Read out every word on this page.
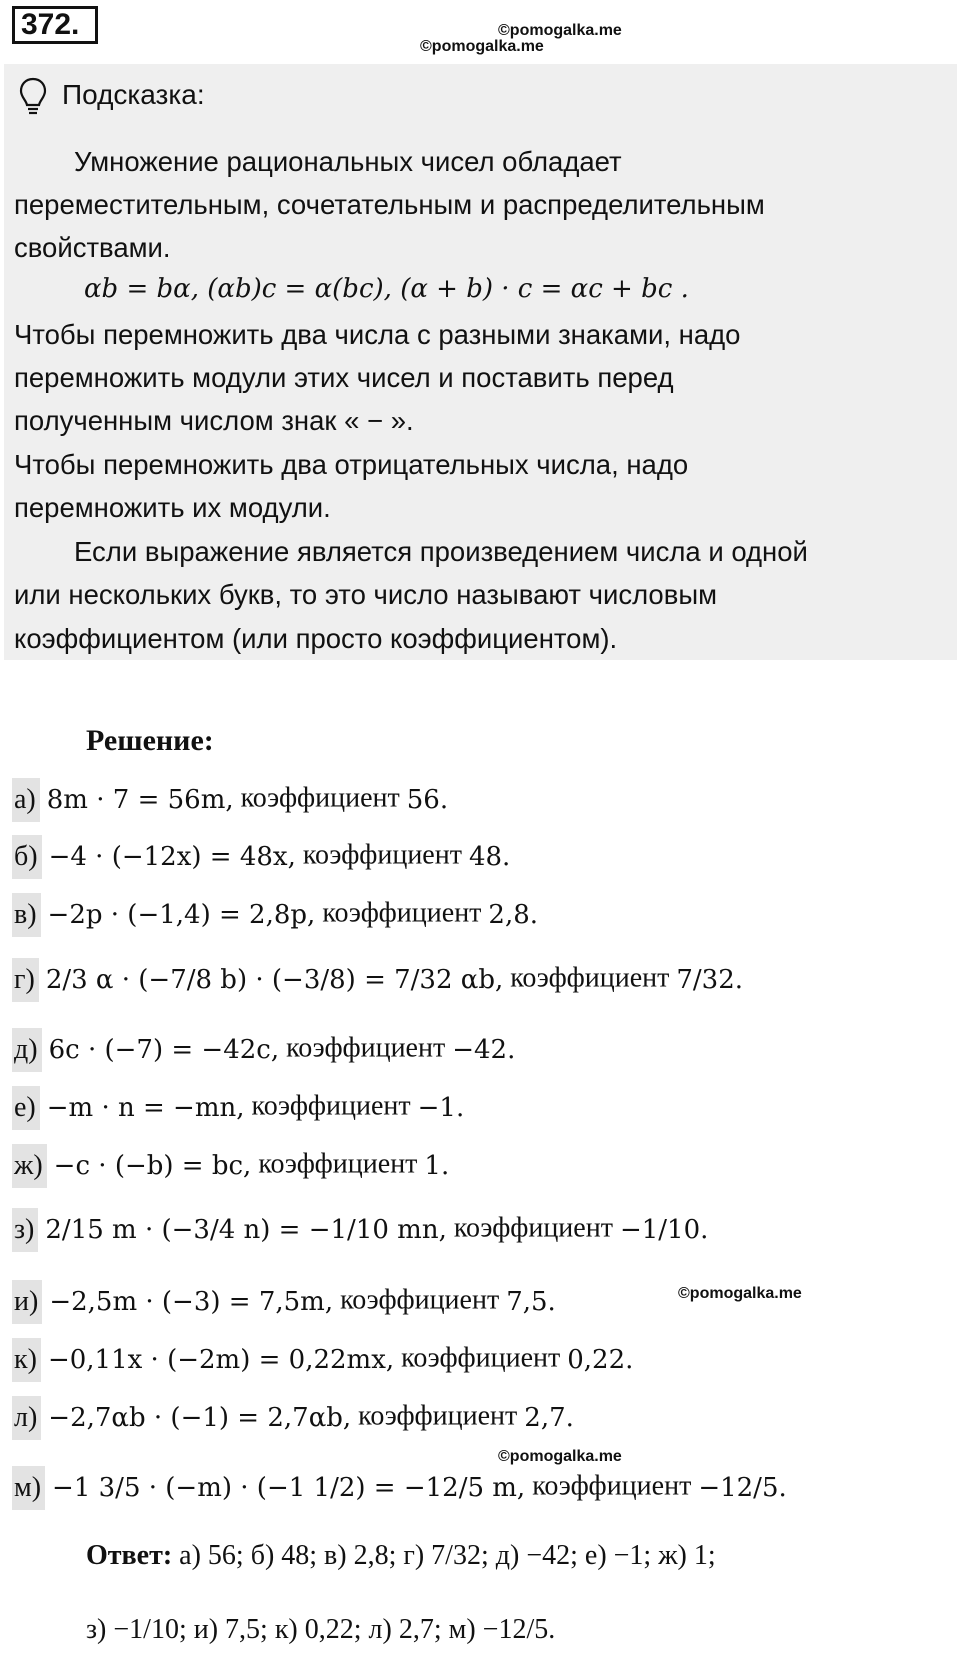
372.	©pomogalka.me
©pomogalka.me
Подсказка:
Умножение рациональных чисел обладает
переместительным, сочетательным и распределительным
свойствами.
αb = bα, (αb)c = α(bc), (α + b) · c = αc + bc .
Чтобы перемножить два числа с разными знаками, надо
перемножить модули этих чисел и поставить перед
полученным числом знак « − ».
Чтобы перемножить два отрицательных числа, надо
перемножить их модули.
Если выражение является произведением числа и одной
или нескольких букв, то это число называют числовым
коэффициентом (или просто коэффициентом).
Решение:
а) 8m · 7 = 56m, коэффициент 56.
б) −4 · (−12x) = 48x, коэффициент 48.
в) −2p · (−1,4) = 2,8p, коэффициент 2,8.
г) 2/3 α · (−7/8 b) · (−3/8) = 7/32 αb, коэффициент 7/32.
д) 6c · (−7) = −42c, коэффициент −42.
е) −m · n = −mn, коэффициент −1.
ж) −c · (−b) = bc, коэффициент 1.
з) 2/15 m · (−3/4 n) = −1/10 mn, коэффициент −1/10.
и) −2,5m · (−3) = 7,5m, коэффициент 7,5.	©pomogalka.me
к) −0,11x · (−2m) = 0,22mx, коэффициент 0,22.
л) −2,7αb · (−1) = 2,7αb, коэффициент 2,7.
©pomogalka.me
м) −1 3/5 · (−m) · (−1 1/2) = −12/5 m, коэффициент −12/5.
Ответ: а) 56; б) 48; в) 2,8; г) 7/32; д) −42; е) −1; ж) 1;
з) −1/10; и) 7,5; к) 0,22; л) 2,7; м) −12/5.
